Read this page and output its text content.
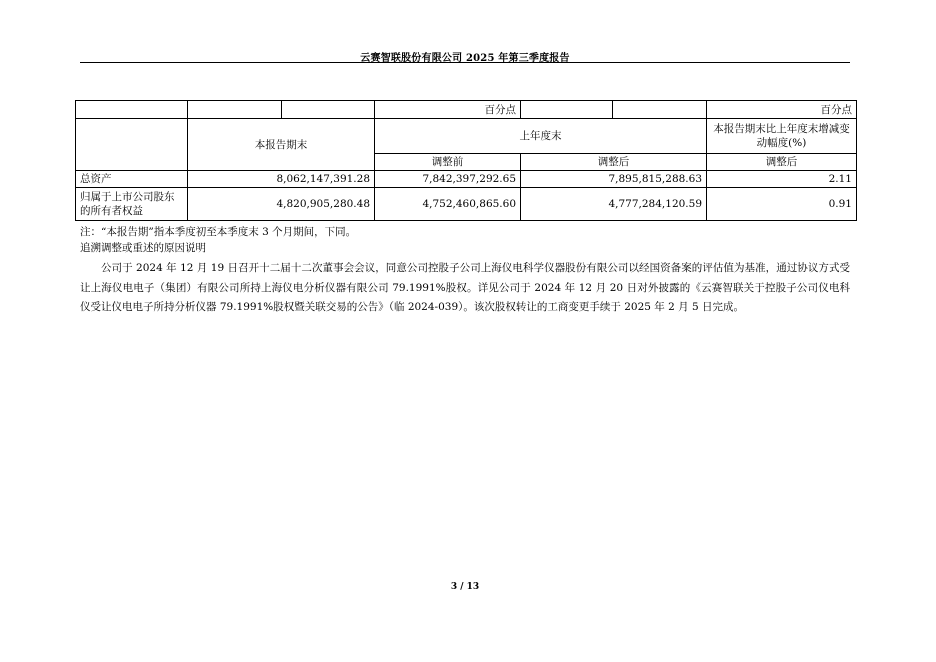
云赛智联股份有限公司 2025 年第三季度报告
			百分点			百分点
	本报告期末		上年度末			本报告期末比上年度末增减变动幅度(%)
			调整前	调整后		调整后
总资产	8,062,147,391.28		7,842,397,292.65	7,895,815,288.63		2.11
归属于上市公司股东的所有者权益	4,820,905,280.48		4,752,460,865.60	4,777,284,120.59		0.91
注：“本报告期”指本季度初至本季度末 3 个月期间，下同。
追溯调整或重述的原因说明
公司于 2024 年 12 月 19 日召开十二届十二次董事会会议，同意公司控股子公司上海仪电科学仪器股份有限公司以经国资备案的评估值为基准，通过协议方式受让上海仪电电子（集团）有限公司所持上海仪电分析仪器有限公司 79.1991%股权。详见公司于 2024 年 12 月 20 日对外披露的《云赛智联关于控股子公司仪电科仪受让仪电电子所持分析仪器 79.1991%股权暨关联交易的公告》（临 2024-039）。该次股权转让的工商变更手续于 2025 年 2 月 5 日完成。
3 / 13
